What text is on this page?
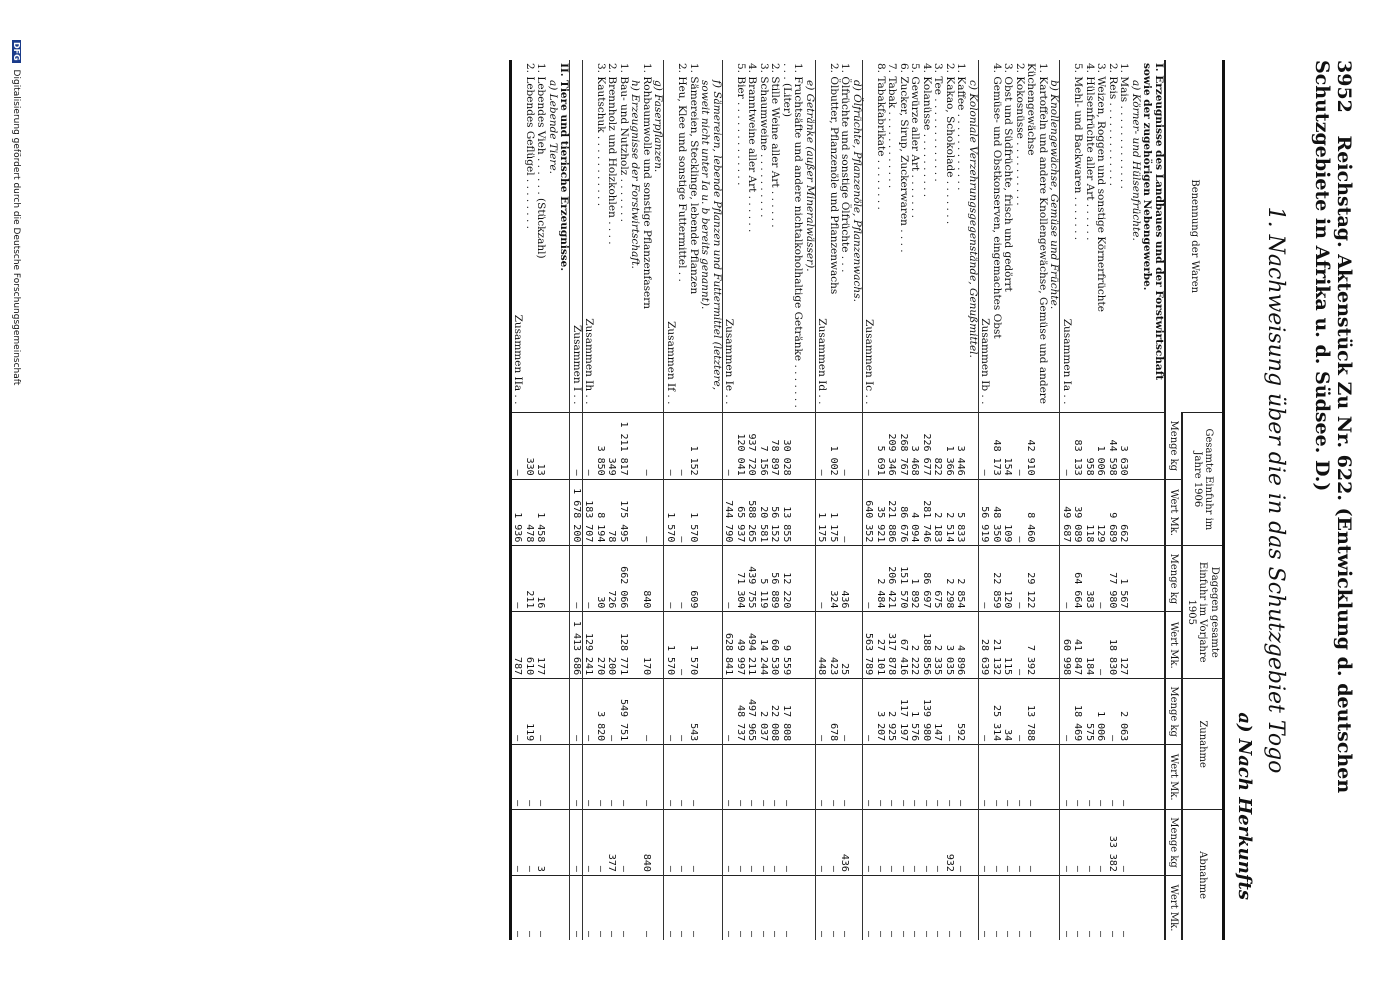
3952 Reichstag. Aktenstück Zu Nr. 622. (Entwicklung d. deutschen Schutzgebiete in Afrika u. d. Südsee. D.)
1. Nachweisung über die in das Schutzgebiet Togo
a) Nach Herkunfts
Benennung der Waren	Gesamte Einfuhr im Jahre 1906		Dagegen gesamte Einfuhr im Vorjahre 1905		Zunahme		Abnahme	
	Menge kg	Wert Mk.	Menge kg	Wert Mk.	Menge kg	Wert Mk.	Menge kg	Wert Mk.
I. Erzeugnisse des Landbaues und der Forstwirtschaft sowie der zugehörigen Nebengewerbe.								
a) Körner- und Hülsenfrüchte.								
1. Mais . . . . . . . . . . . . .	3 630	662	1 567	127	2 063	—	—	—
2. Reis . . . . . . . . . . . . .	44 598	9 689	77 980	18 830	—	—	33 382	—
3. Weizen, Roggen und sonstige Körnerfrüchte	1 006	129	—	—	1 006	—	—	—
4. Hülsenfrüchte aller Art . . . . . .	958	118	383	184	575	—	—	—
5. Mehl- und Backwaren . . . . . . .	83 133	39 089	64 664	41 847	18 469	—	—	—
Zusammen Ia . .	—	49 687	—	60 998	—	—	—	—
b) Knollengewächse, Gemüse und Früchte.								
1. Kartoffeln und andere Knollengewächse, Gemüse und andere Küchengewächse	42 910	8 460	29 122	7 392	13 788	—	—	—
2. Kokosnüsse . . . . . . . . . .	—	—	—	—	—	—	—	—
3. Obst und Südfrüchte, frisch und gedörrt	154	109	120	115	34	—	—	—
4. Gemüse- und Obstkonserven, eingemachtes Obst	48 173	48 350	22 859	21 132	25 314	—	—	—
Zusammen Ib . .	—	56 919	—	28 639	—	—	—	—
c) Koloniale Verzehrungsgegenstände, Genußmittel.								
1. Kaffee . . . . . . . . . . . .	3 446	5 833	2 854	4 896	592	—	—	—
2. Kakao, Schokolade . . . . . . .	1 366	2 514	2 298	3 035	—	—	932	—
3. Tee . . . . . . . . . . . . .	822	2 183	675	2 335	147	—	—	—
4. Kolanüsse . . . . . . . . . .	226 677	281 746	86 697	188 856	139 980	—	—	—
5. Gewürze aller Art . . . . . . .	3 468	4 094	1 892	2 222	1 576	—	—	—
6. Zucker, Sirup, Zuckerwaren . . . .	268 767	86 676	151 570	67 416	117 197	—	—	—
7. Tabak . . . . . . . . . . . .	209 346	221 886	206 421	317 878	2 925	—	—	—
8. Tabakfabrikate . . . . . . . .	5 691	35 921	2 484	27 101	3 207	—	—	—
Zusammen Ic . .	—	640 352	—	563 789	—	—	—	—
d) Ölfrüchte, Pflanzenöle, Pflanzenwachs.								
1. Ölfrüchte und sonstige Ölfrüchte . . .	—	—	436	25	—	—	436	—
2. Ölbutter, Pflanzenöle und Pflanzenwachs	1 002	1 175	324	423	678	—	—	—
Zusammen Id . .	—	1 175	—	448	—	—	—	—
e) Getränke (außer Mineralwässer).								
1. Fruchtsäfte und andere nichtalkoholhaltige Getränke . . . . . . . . . . (Liter)	30 028	13 855	12 220	9 559	17 808	—	—	—
2. Stille Weine aller Art . . . . . .	78 897	56 152	56 889	60 530	22 008	—	—	—
3. Schaumweine . . . . . . . . . .	7 156	20 581	5 119	14 244	2 037	—	—	—
4. Branntweine aller Art . . . . . .	937 720	588 265	439 755	494 211	497 965	—	—	—
5. Bier . . . . . . . . . . . . .	120 041	65 937	71 304	49 997	48 737	—	—	—
Zusammen Ie . .	—	744 790	—	628 841	—	—	—	—
f) Sämereien, lebende Pflanzen und Futtermittel (letztere, soweit nicht unter Ia u. b bereits genannt).								
1. Sämereien, Stecklinge, lebende Pflanzen	1 152	1 570	609	1 570	543	—	—	—
2. Heu, Klee und sonstige Futtermittel . .	—	—	—	—	—	—	—	—
Zusammen If . .	—	1 570	—	1 570	—	—	—	—
g) Faserpflanzen.								
1. Rohbaumwolle und sonstige Pflanzenfasern	—	—	840	170	—	—	840	—
h) Erzeugnisse der Forstwirtschaft.								
1. Bau- und Nutzholz . . . . . . .	1 211 817	175 495	662 066	128 771	549 751	—	—	—
2. Brennholz und Holzkohlen . . . .	349	78	726	200	—	—	377	—
3. Kautschuk . . . . . . . . . . .	3 850	8 194	30	270	3 820	—	—	—
Zusammen Ih . .	—	183 707	—	129 241	—	—	—	—
Zusammen I . .	—	1 678 200	—	1 413 686	—	—	—	—
II. Tiere und tierische Erzeugnisse.								
a) Lebende Tiere.								
1. Lebendes Vieh . . . . . . (Stückzahl)	13	1 458	16	177	—	—	3	—
2. Lebendes Geflügel . . . . . . . .	330	478	211	610	119	—	—	—
Zusammen IIa . .	—	1 936	—	787	—	—	—	—
DFG Digitalisierung gefördert durch die Deutsche Forschungsgemeinschaft
